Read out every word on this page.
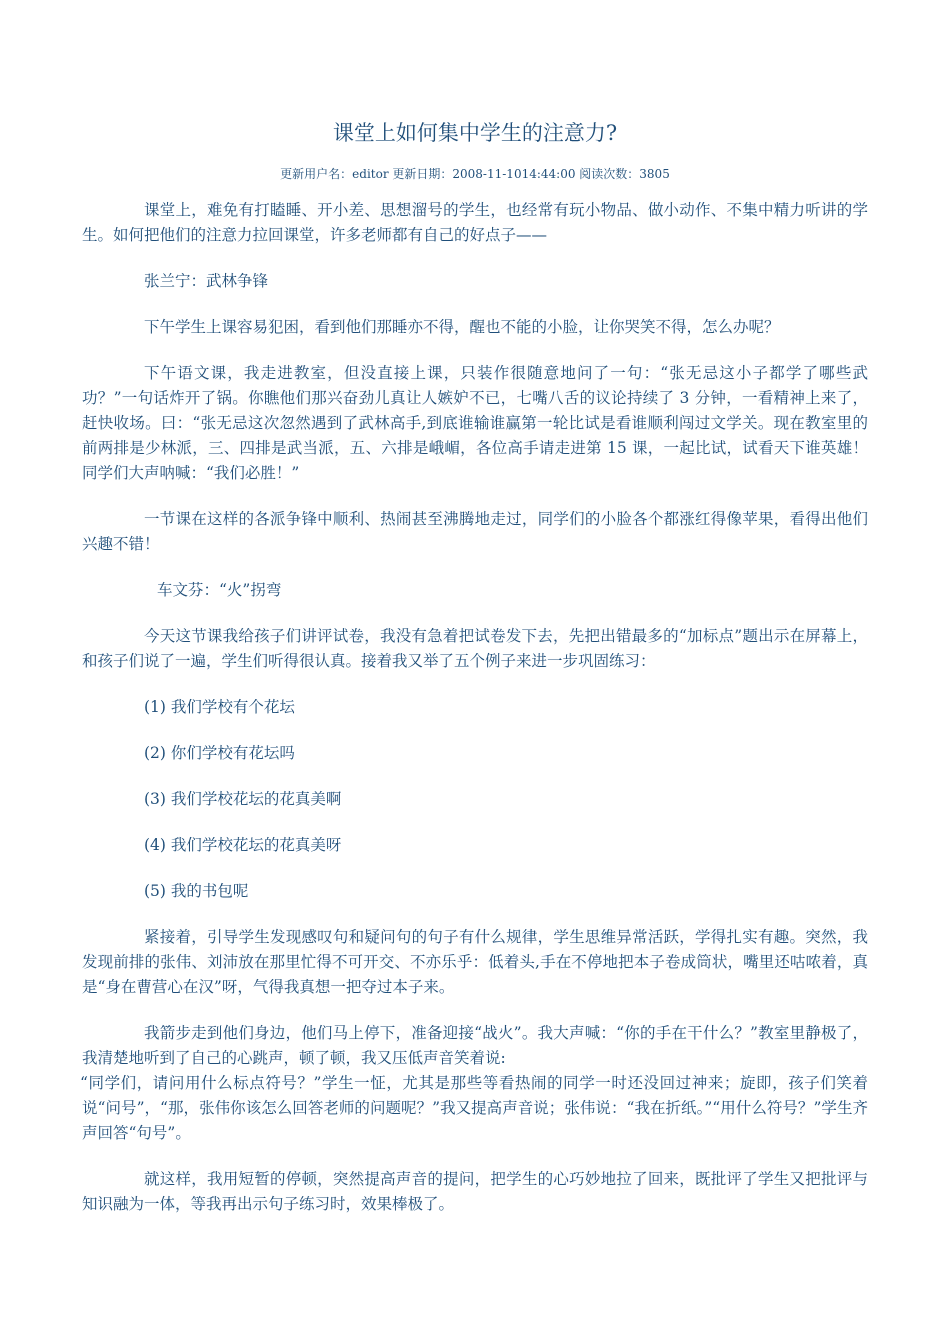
课堂上如何集中学生的注意力?
更新用户名：editor 更新日期：2008-11-1014:44:00 阅读次数：3805

课堂上，难免有打瞌睡、开小差、思想溜号的学生，也经常有玩小物品、做小动作、不集中精力听讲的学生。如何把他们的注意力拉回课堂，许多老师都有自己的好点子——

张兰宁：武林争锋

下午学生上课容易犯困，看到他们那睡亦不得，醒也不能的小脸，让你哭笑不得，怎么办呢？

下午语文课，我走进教室，但没直接上课，只装作很随意地问了一句：“张无忌这小子都学了哪些武功？”一句话炸开了锅。你瞧他们那兴奋劲儿真让人嫉妒不已，七嘴八舌的议论持续了 3 分钟，一看精神上来了，赶快收场。曰：“张无忌这次忽然遇到了武林高手,到底谁输谁赢第一轮比试是看谁顺利闯过文学关。现在教室里的前两排是少林派，三、四排是武当派，五、六排是峨嵋，各位高手请走进第 15 课，一起比试，试看天下谁英雄！同学们大声呐喊：“我们必胜！”

一节课在这样的各派争锋中顺利、热闹甚至沸腾地走过，同学们的小脸各个都涨红得像苹果，看得出他们兴趣不错！

车文芬：“火”拐弯

今天这节课我给孩子们讲评试卷，我没有急着把试卷发下去，先把出错最多的“加标点”题出示在屏幕上，和孩子们说了一遍，学生们听得很认真。接着我又举了五个例子来进一步巩固练习：

(1) 我们学校有个花坛

(2) 你们学校有花坛吗

(3) 我们学校花坛的花真美啊

(4) 我们学校花坛的花真美呀

(5) 我的书包呢

紧接着，引导学生发现感叹句和疑问句的句子有什么规律，学生思维异常活跃，学得扎实有趣。突然，我发现前排的张伟、刘沛放在那里忙得不可开交、不亦乐乎：低着头,手在不停地把本子卷成筒状，嘴里还咕哝着，真是“身在曹营心在汉”呀，气得我真想一把夺过本子来。

我箭步走到他们身边，他们马上停下，准备迎接“战火”。我大声喊：“你的手在干什么？”教室里静极了，我清楚地听到了自己的心跳声，顿了顿，我又压低声音笑着说:

“同学们，请问用什么标点符号？”学生一怔，尤其是那些等看热闹的同学一时还没回过神来；旋即，孩子们笑着说“问号”，“那，张伟你该怎么回答老师的问题呢？”我又提高声音说；张伟说：“我在折纸。”“用什么符号？”学生齐声回答“句号”。

就这样，我用短暂的停顿，突然提高声音的提问，把学生的心巧妙地拉了回来，既批评了学生又把批评与知识融为一体，等我再出示句子练习时，效果棒极了。
